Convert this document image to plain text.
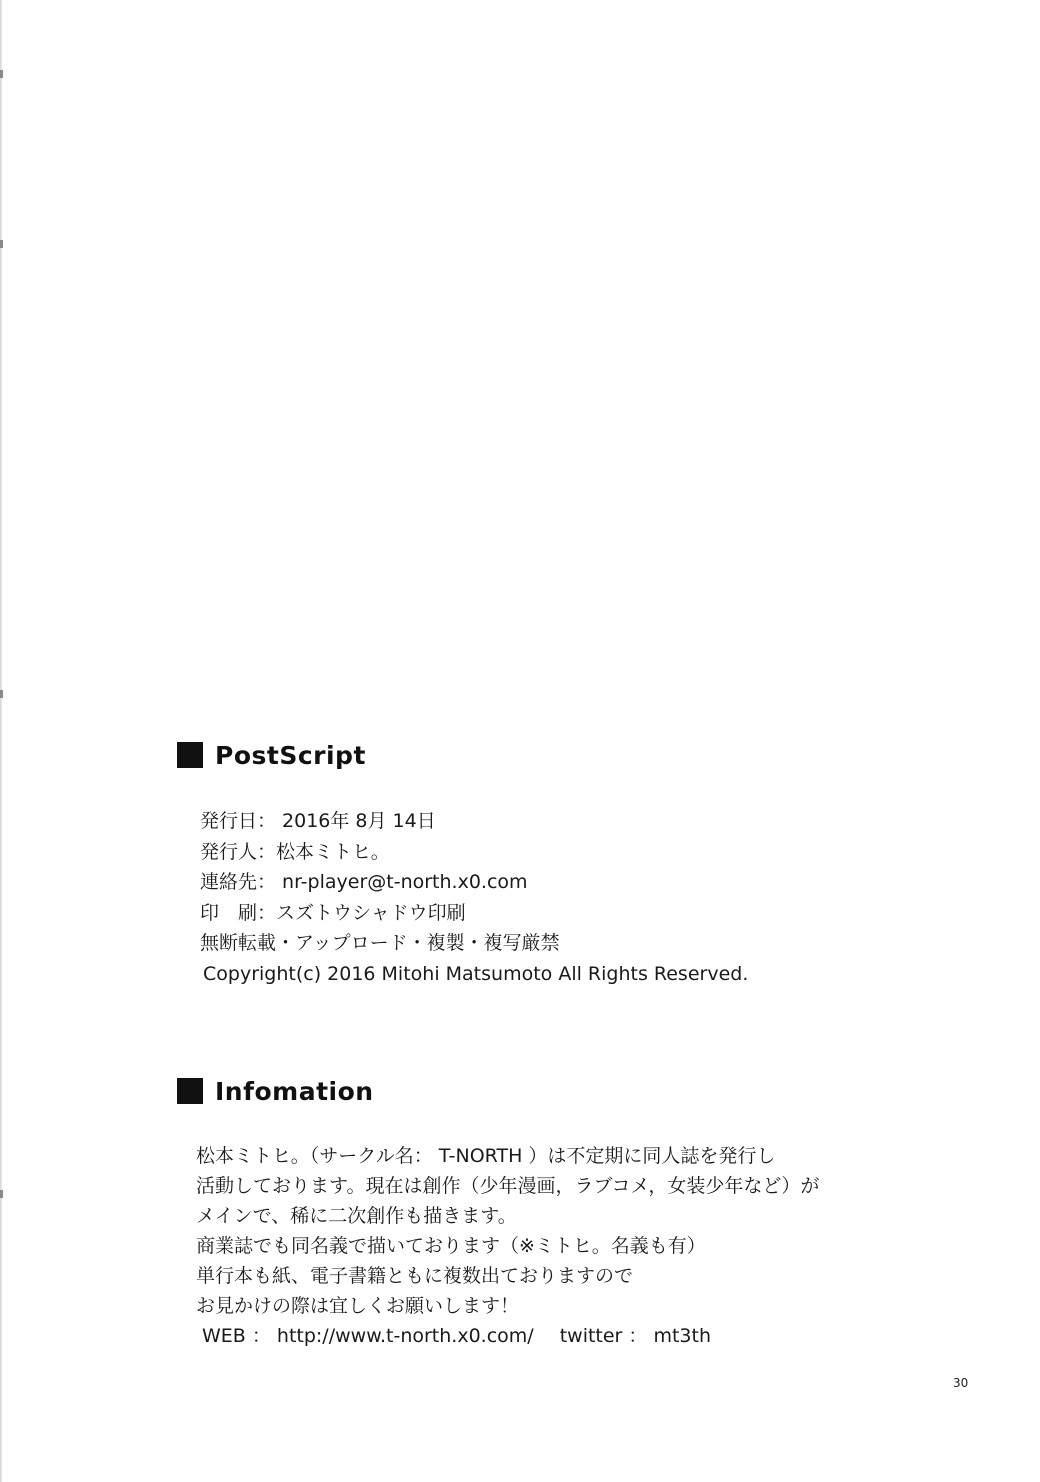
PostScript
発行日： 2016年 8月 14日
発行人：松本ミトヒ。
連絡先： nr-player@t-north.x0.com
印　刷：スズトウシャドウ印刷
無断転載・アップロード・複製・複写厳禁
Copyright(c) 2016 Mitohi Matsumoto All Rights Reserved.
Infomation
松本ミトヒ。（サークル名： T-NORTH ）は不定期に同人誌を発行し
活動しております。現在は創作（少年漫画，ラブコメ，女装少年など）が
メインで、稀に二次創作も描きます。
商業誌でも同名義で描いております（※ミトヒ。名義も有）
単行本も紙、電子書籍ともに複数出ておりますので
お見かけの際は宜しくお願いします！
WEB ： http://www.t-north.x0.com/ twitter ： mt3th
30
